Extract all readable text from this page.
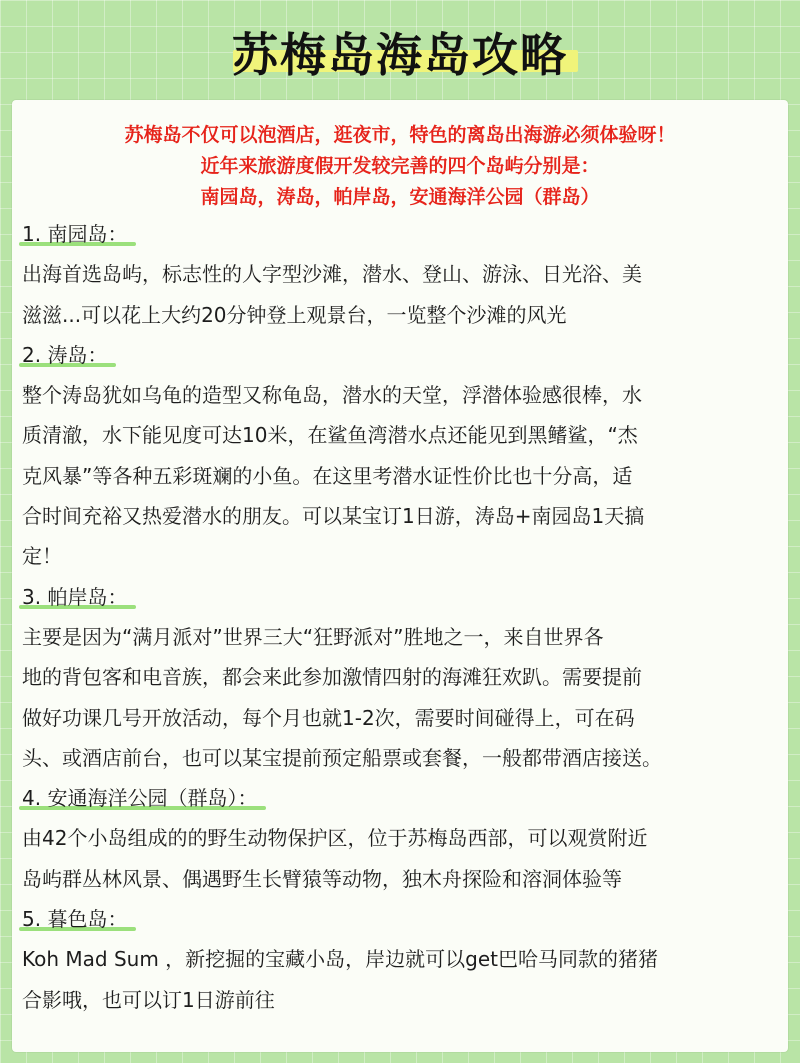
苏梅岛海岛攻略
苏梅岛不仅可以泡酒店，逛夜市，特色的离岛出海游必须体验呀！
近年来旅游度假开发较完善的四个岛屿分别是：
南园岛，涛岛，帕岸岛，安通海洋公园（群岛）
1. 南园岛：

出海首选岛屿，标志性的人字型沙滩，潜水、登山、游泳、日光浴、美

滋滋...可以花上大约20分钟登上观景台，一览整个沙滩的风光

2. 涛岛：

整个涛岛犹如乌龟的造型又称龟岛，潜水的天堂，浮潜体验感很棒，水

质清澈，水下能见度可达10米，在鲨鱼湾潜水点还能见到黑鳍鲨，“杰

克风暴”等各种五彩斑斓的小鱼。在这里考潜水证性价比也十分高，适

合时间充裕又热爱潜水的朋友。可以某宝订1日游，涛岛+南园岛1天搞

定！

3. 帕岸岛：

主要是因为“满月派对”世界三大“狂野派对”胜地之一，来自世界各

地的背包客和电音族，都会来此参加激情四射的海滩狂欢趴。需要提前

做好功课几号开放活动，每个月也就1-2次，需要时间碰得上，可在码

头、或酒店前台，也可以某宝提前预定船票或套餐，一般都带酒店接送。

4. 安通海洋公园（群岛）：

由42个小岛组成的的野生动物保护区，位于苏梅岛西部，可以观赏附近

岛屿群丛林风景、偶遇野生长臂猿等动物，独木舟探险和溶洞体验等

5. 暮色岛：

Koh Mad Sum ，新挖掘的宝藏小岛，岸边就可以get巴哈马同款的猪猪

合影哦，也可以订1日游前往
